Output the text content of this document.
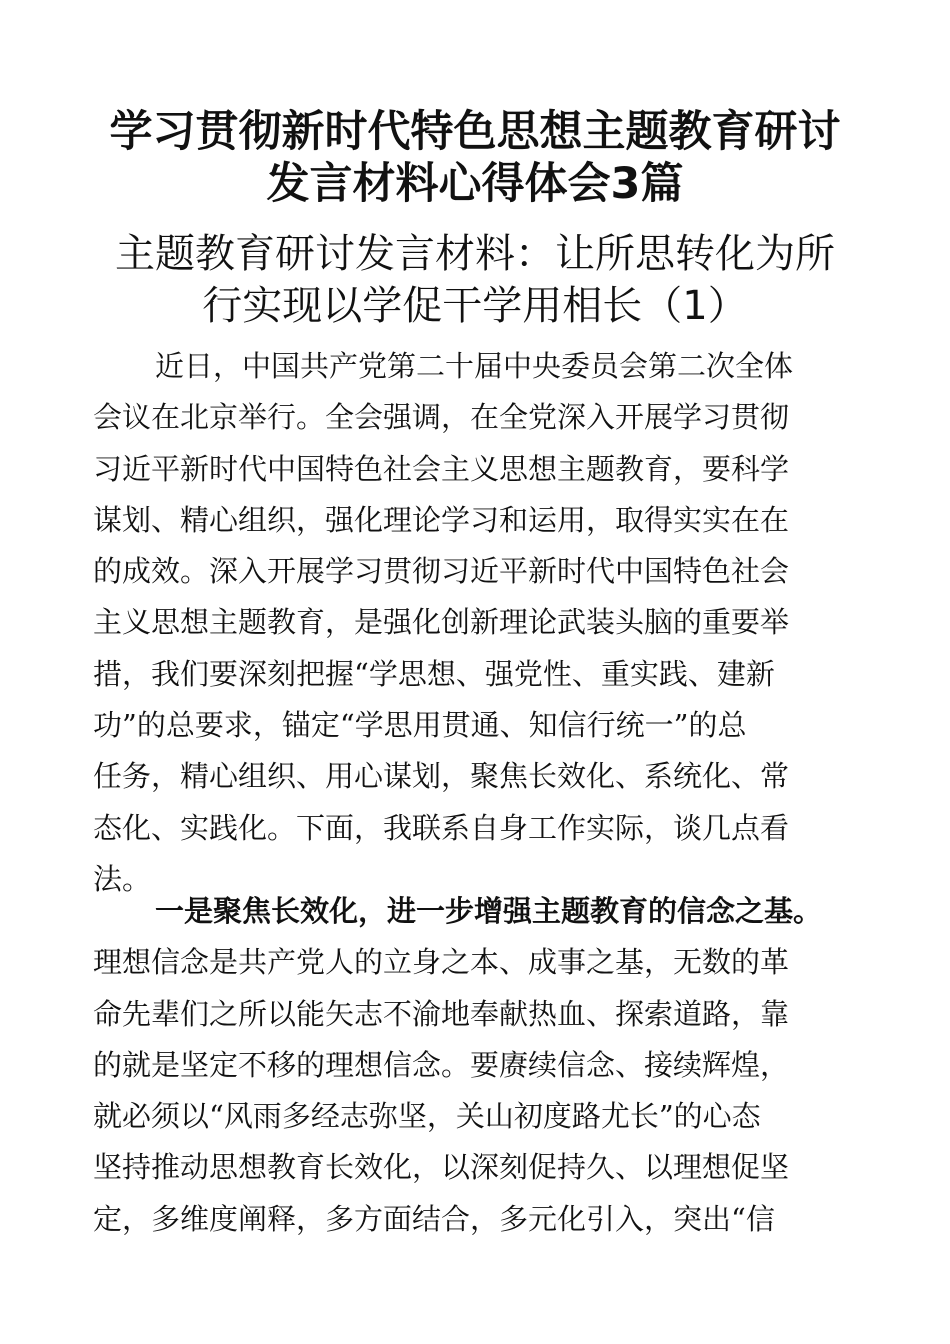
学习贯彻新时代特色思想主题教育研讨
发言材料心得体会3篇
主题教育研讨发言材料：让所思转化为所
行实现以学促干学用相长（1）
近日，中国共产党第二十届中央委员会第二次全体
会议在北京举行。全会强调，在全党深入开展学习贯彻
习近平新时代中国特色社会主义思想主题教育，要科学
谋划、精心组织，强化理论学习和运用，取得实实在在
的成效。深入开展学习贯彻习近平新时代中国特色社会
主义思想主题教育，是强化创新理论武装头脑的重要举
措，我们要深刻把握“学思想、强党性、重实践、建新
功”的总要求，锚定“学思用贯通、知信行统一”的总
任务，精心组织、用心谋划，聚焦长效化、系统化、常
态化、实践化。下面，我联系自身工作实际，谈几点看
法。
一是聚焦长效化，进一步增强主题教育的信念之基。
理想信念是共产党人的立身之本、成事之基，无数的革
命先辈们之所以能矢志不渝地奉献热血、探索道路，靠
的就是坚定不移的理想信念。要赓续信念、接续辉煌，
就必须以“风雨多经志弥坚，关山初度路尤长”的心态
坚持推动思想教育长效化，以深刻促持久、以理想促坚
定，多维度阐释，多方面结合，多元化引入，突出“信
